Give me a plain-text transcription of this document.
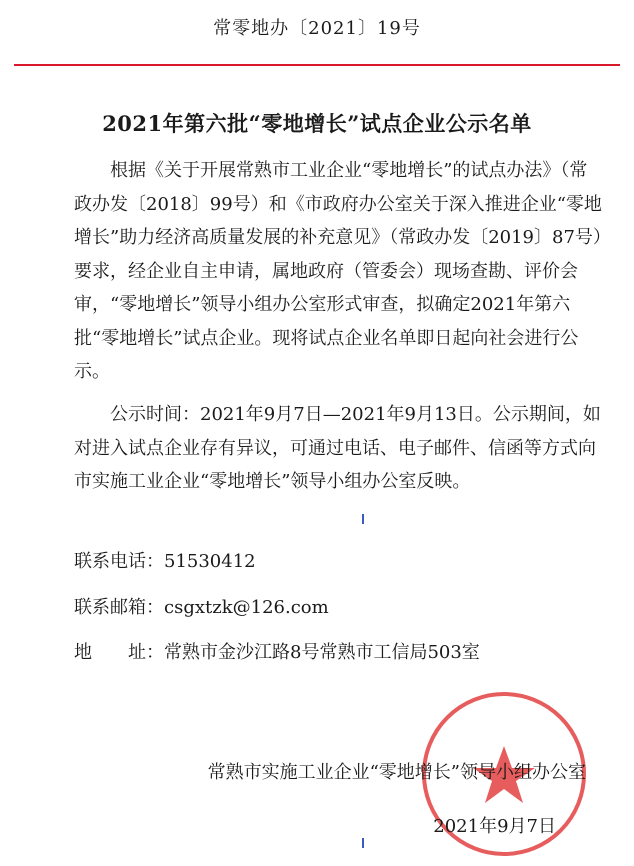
常零地办〔2021〕19号
2021年第六批“零地增长”试点企业公示名单
根据《关于开展常熟市工业企业“零地增长”的试点办法》（常政办发〔2018〕99号）和《市政府办公室关于深入推进企业“零地增长”助力经济高质量发展的补充意见》（常政办发〔2019〕87号）要求，经企业自主申请，属地政府（管委会）现场查勘、评价会审，“零地增长”领导小组办公室形式审查，拟确定2021年第六批“零地增长”试点企业。现将试点企业名单即日起向社会进行公示。
公示时间：2021年9月7日—2021年9月13日。公示期间，如对进入试点企业存有异议，可通过电话、电子邮件、信函等方式向市实施工业企业“零地增长”领导小组办公室反映。
联系电话：51530412
联系邮箱：csgxtzk@126.com
地　　址：常熟市金沙江路8号常熟市工信局503室
常熟市实施工业企业“零地增长”领导小组办公室
2021年9月7日
